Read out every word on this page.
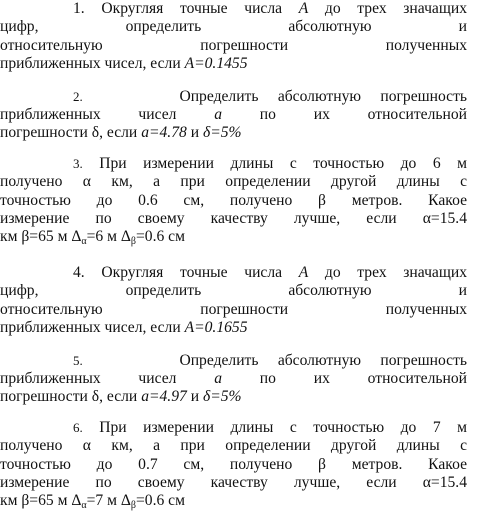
1. Округляя точные числа A до трех значащих
цифр, определить абсолютную и
относительную погрешности полученных
приближенных чисел, если A=0.1455
2.	Определить абсолютную погрешность
приближенных чисел a по их относительной
погрешности δ, если a=4.78 и δ=5%
3. При измерении длины с точностью до 6 м
получено α км, а при определении другой длины с
точностью до 0.6 см, получено β метров. Какое
измерение по своему качеству лучше, если α=15.4
км β=65 м $\Delta_\alpha=6$ м $\Delta_\beta=0.6$ см
4. Округляя точные числа A до трех значащих
цифр, определить абсолютную и
относительную погрешности полученных
приближенных чисел, если A=0.1655
5.	Определить абсолютную погрешность
приближенных чисел a по их относительной
погрешности δ, если a=4.97 и δ=5%
6. При измерении длины с точностью до 7 м
получено α км, а при определении другой длины с
точностью до 0.7 см, получено β метров. Какое
измерение по своему качеству лучше, если α=15.4
км β=65 м $\Delta_\alpha=7$ м $\Delta_\beta=0.6$ см
